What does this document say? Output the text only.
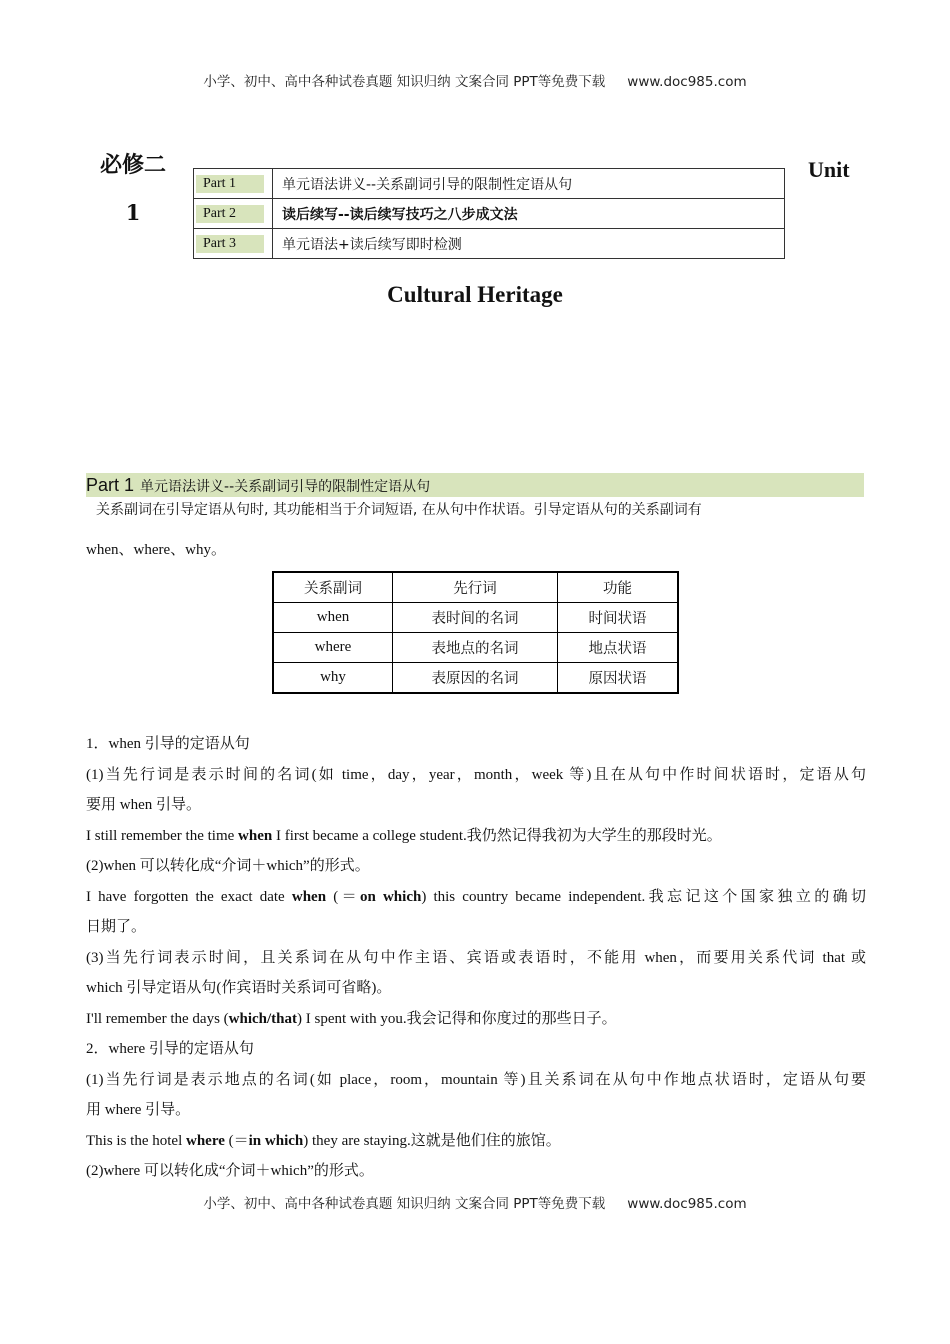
小学、初中、高中各种试卷真题 知识归纳 文案合同 PPT等免费下载 www.doc985.com
必修二
1
Unit
Part 1	单元语法讲义--关系副词引导的限制性定语从句

Part 2	读后续写--读后续写技巧之八步成文法

Part 3	单元语法+读后续写即时检测
Cultural Heritage
Part 1 单元语法讲义--关系副词引导的限制性定语从句
关系副词在引导定语从句时, 其功能相当于介词短语, 在从句中作状语。引导定语从句的关系副词有
when、where、why。
关系副词	先行词	功能
when	表时间的名词	时间状语
where	表地点的名词	地点状语
why	表原因的名词	原因状语
1．when 引导的定语从句
(1)当先行词是表示时间的名词(如 time，day，year，month，week 等)且在从句中作时间状语时，定语从句
要用 when 引导。
I still remember the time when I first became a college student.我仍然记得我初为大学生的那段时光。
(2)when 可以转化成“介词＋which”的形式。
I have forgotten the exact date when (＝on which) this country became independent.我忘记这个国家独立的确切
日期了。
(3)当先行词表示时间，且关系词在从句中作主语、宾语或表语时，不能用 when，而要用关系代词 that 或
which 引导定语从句(作宾语时关系词可省略)。
I'll remember the days (which/that) I spent with you.我会记得和你度过的那些日子。
2．where 引导的定语从句
(1)当先行词是表示地点的名词(如 place，room，mountain 等)且关系词在从句中作地点状语时，定语从句要
用 where 引导。
This is the hotel where (＝in which) they are staying.这就是他们住的旅馆。
(2)where 可以转化成“介词＋which”的形式。
小学、初中、高中各种试卷真题 知识归纳 文案合同 PPT等免费下载 www.doc985.com
